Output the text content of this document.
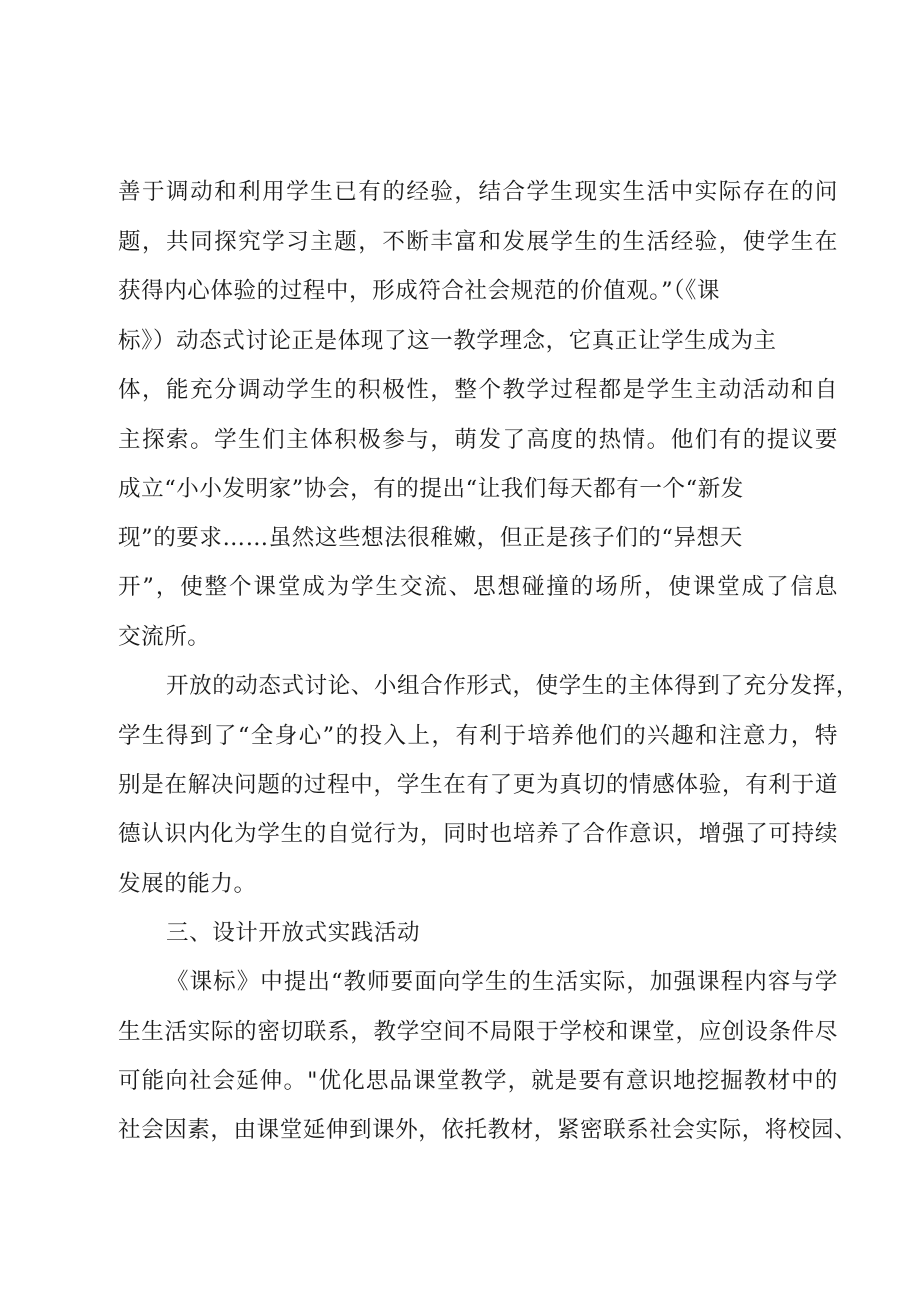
善于调动和利用学生已有的经验，结合学生现实生活中实际存在的问
题，共同探究学习主题，不断丰富和发展学生的生活经验，使学生在
获得内心体验的过程中，形成符合社会规范的价值观。”（《课
标》）动态式讨论正是体现了这一教学理念，它真正让学生成为主
体，能充分调动学生的积极性，整个教学过程都是学生主动活动和自
主探索。学生们主体积极参与，萌发了高度的热情。他们有的提议要
成立“小小发明家”协会，有的提出“让我们每天都有一个“新发
现”的要求……虽然这些想法很稚嫩，但正是孩子们的“异想天
开”，使整个课堂成为学生交流、思想碰撞的场所，使课堂成了信息
交流所。
开放的动态式讨论、小组合作形式，使学生的主体得到了充分发挥，
学生得到了“全身心”的投入上，有利于培养他们的兴趣和注意力，特
别是在解决问题的过程中，学生在有了更为真切的情感体验，有利于道
德认识内化为学生的自觉行为，同时也培养了合作意识，增强了可持续
发展的能力。
三、设计开放式实践活动
《课标》中提出“教师要面向学生的生活实际，加强课程内容与学
生生活实际的密切联系，教学空间不局限于学校和课堂，应创设条件尽
可能向社会延伸。"优化思品课堂教学，就是要有意识地挖掘教材中的
社会因素，由课堂延伸到课外，依托教材，紧密联系社会实际，将校园、
